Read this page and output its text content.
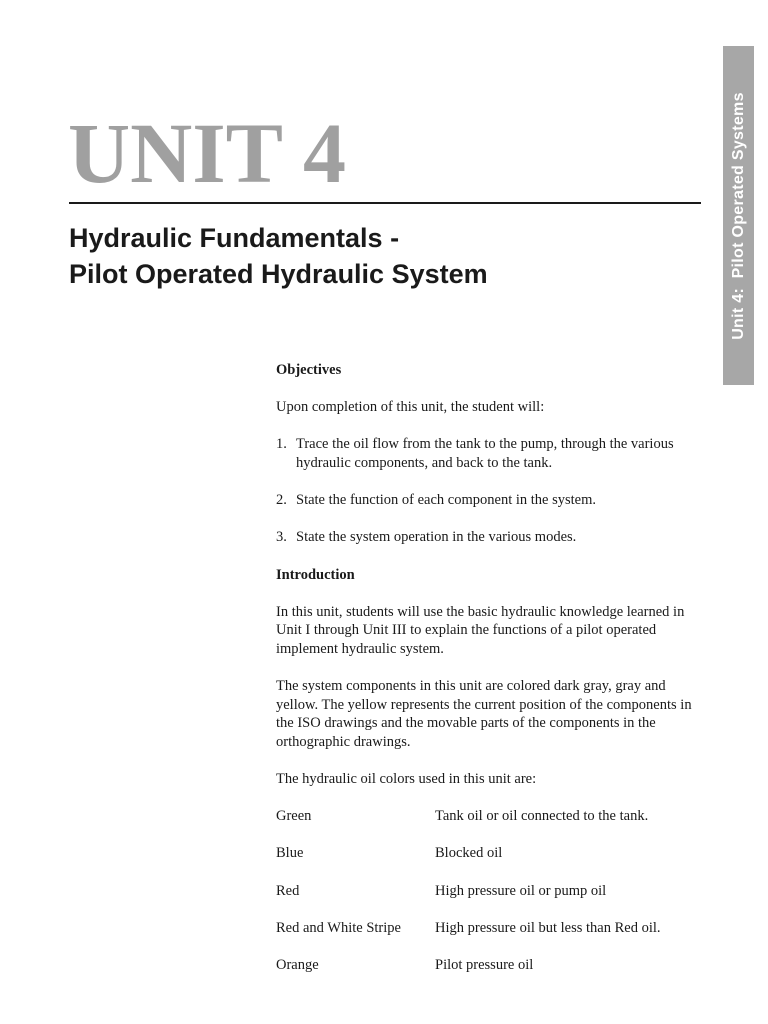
Unit 4:  Pilot Operated Systems
UNIT 4
Hydraulic Fundamentals -
Pilot Operated Hydraulic System

Objectives

Upon completion of this unit, the student will:

1. Trace the oil flow from the tank to the pump, through the various hydraulic components, and back to the tank.
2. State the function of each component in the system.
3. State the system operation in the various modes.

Introduction

In this unit, students will use the basic hydraulic knowledge learned in Unit I through Unit III to explain the functions of a pilot operated implement hydraulic system.

The system components in this unit are colored dark gray, gray and yellow. The yellow represents the current position of the components in the ISO drawings and the movable parts of the components in the orthographic drawings.

The hydraulic oil colors used in this unit are:

Green	Tank oil or oil connected to the tank.
Blue	Blocked oil
Red	High pressure oil or pump oil
Red and White Stripe	High pressure oil but less than Red oil.
Orange	Pilot pressure oil
